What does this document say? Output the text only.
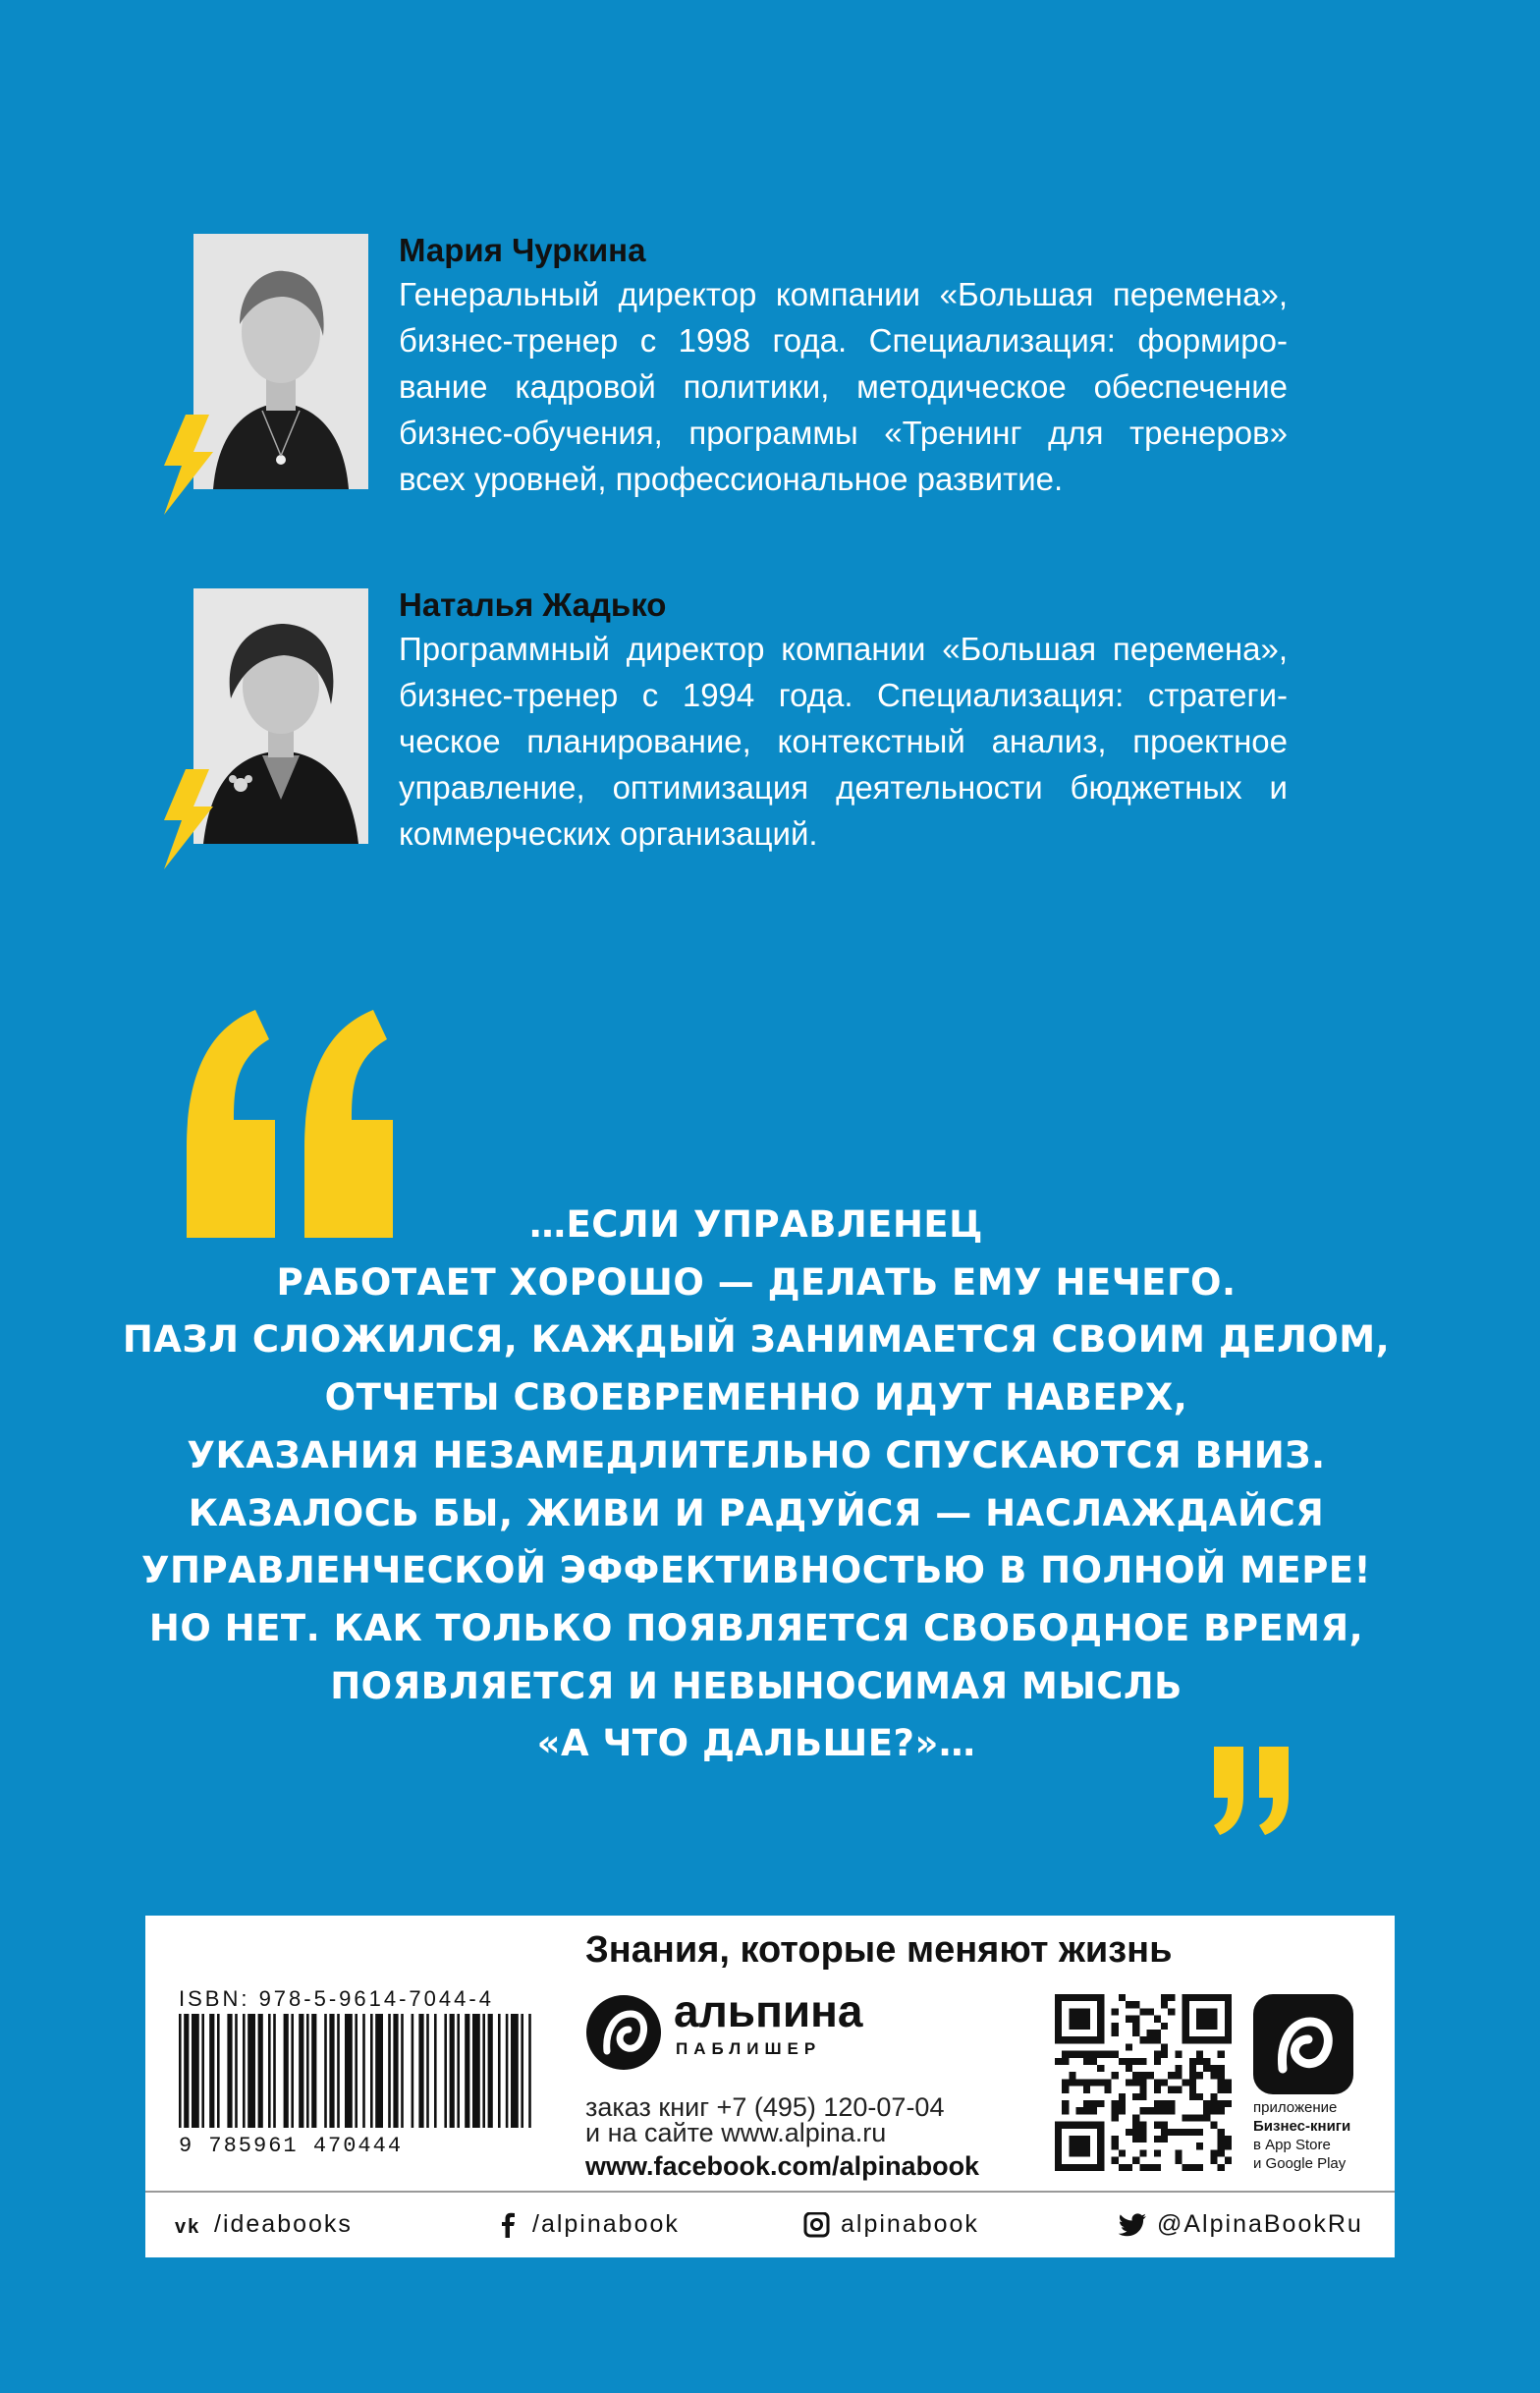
Мария Чуркина
Генеральный директор компании «Большая перемена», бизнес-тренер с 1998 года. Специализация: формиро-вание кадровой политики, методическое обеспечение бизнес-обучения, программы «Тренинг для тренеров» всех уровней, профессиональное развитие.
Наталья Жадько
Программный директор компании «Большая перемена», бизнес-тренер с 1994 года. Специализация: стратеги-ческое планирование, контекстный анализ, проектное управление, оптимизация деятельности бюджетных и коммерческих организаций.
…ЕСЛИ УПРАВЛЕНЕЦ
РАБОТАЕТ ХОРОШО — ДЕЛАТЬ ЕМУ НЕЧЕГО.
ПАЗЛ СЛОЖИЛСЯ, КАЖДЫЙ ЗАНИМАЕТСЯ СВОИМ ДЕЛОМ,
ОТЧЕТЫ СВОЕВРЕМЕННО ИДУТ НАВЕРХ,
УКАЗАНИЯ НЕЗАМЕДЛИТЕЛЬНО СПУСКАЮТСЯ ВНИЗ.
КАЗАЛОСЬ БЫ, ЖИВИ И РАДУЙСЯ — НАСЛАЖДАЙСЯ
УПРАВЛЕНЧЕСКОЙ ЭФФЕКТИВНОСТЬЮ В ПОЛНОЙ МЕРЕ!
НО НЕТ. КАК ТОЛЬКО ПОЯВЛЯЕТСЯ СВОБОДНОЕ ВРЕМЯ,
ПОЯВЛЯЕТСЯ И НЕВЫНОСИМАЯ МЫСЛЬ
«А ЧТО ДАЛЬШЕ?»…
Знания, которые меняют жизнь
ISBN: 978-5-9614-7044-4
9 785961 470444
альпина
ПАБЛИШЕР
заказ книг +7 (495) 120-07-04
и на сайте www.alpina.ru
www.facebook.com/alpinabook
приложение
Бизнес-книги
в App Store
и Google Play
vk /ideabooks	/alpinabook	alpinabook	@AlpinaBookRu
